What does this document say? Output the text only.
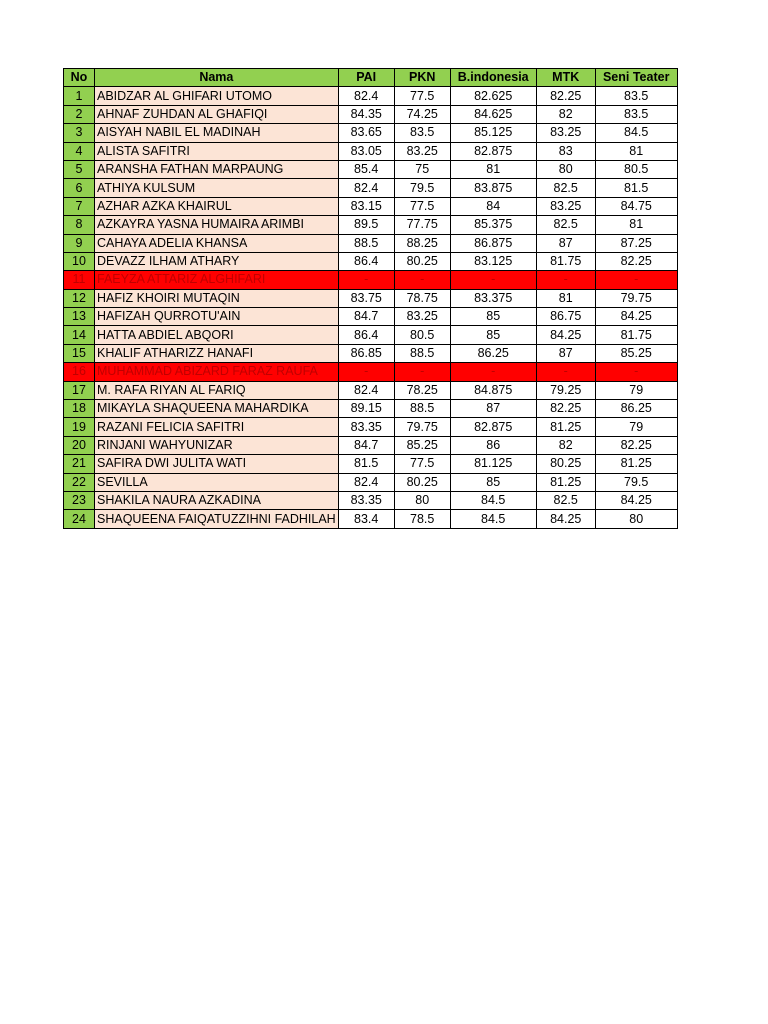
No	Nama	PAI	PKN	B.indonesia	MTK	Seni Teater
1	ABIDZAR AL GHIFARI UTOMO	82.4	77.5	82.625	82.25	83.5
2	AHNAF ZUHDAN AL GHAFIQI	84.35	74.25	84.625	82	83.5
3	AISYAH NABIL EL MADINAH	83.65	83.5	85.125	83.25	84.5
4	ALISTA SAFITRI	83.05	83.25	82.875	83	81
5	ARANSHA FATHAN MARPAUNG	85.4	75	81	80	80.5
6	ATHIYA KULSUM	82.4	79.5	83.875	82.5	81.5
7	AZHAR AZKA KHAIRUL	83.15	77.5	84	83.25	84.75
8	AZKAYRA YASNA HUMAIRA ARIMBI	89.5	77.75	85.375	82.5	81
9	CAHAYA ADELIA KHANSA	88.5	88.25	86.875	87	87.25
10	DEVAZZ ILHAM ATHARY	86.4	80.25	83.125	81.75	82.25
11	FAEYZA ATTARIZ ALGHIFARI	-	-	-	-	-
12	HAFIZ KHOIRI MUTAQIN	83.75	78.75	83.375	81	79.75
13	HAFIZAH QURROTU'AIN	84.7	83.25	85	86.75	84.25
14	HATTA ABDIEL ABQORI	86.4	80.5	85	84.25	81.75
15	KHALIF ATHARIZZ HANAFI	86.85	88.5	86.25	87	85.25
16	MUHAMMAD ABIZARD FARAZ RAUFA	-	-	-	-	-
17	M. RAFA RIYAN AL FARIQ	82.4	78.25	84.875	79.25	79
18	MIKAYLA SHAQUEENA MAHARDIKA	89.15	88.5	87	82.25	86.25
19	RAZANI FELICIA SAFITRI	83.35	79.75	82.875	81.25	79
20	RINJANI WAHYUNIZAR	84.7	85.25	86	82	82.25
21	SAFIRA DWI JULITA WATI	81.5	77.5	81.125	80.25	81.25
22	SEVILLA	82.4	80.25	85	81.25	79.5
23	SHAKILA NAURA AZKADINA	83.35	80	84.5	82.5	84.25
24	SHAQUEENA FAIQATUZZIHNI FADHILAH	83.4	78.5	84.5	84.25	80
